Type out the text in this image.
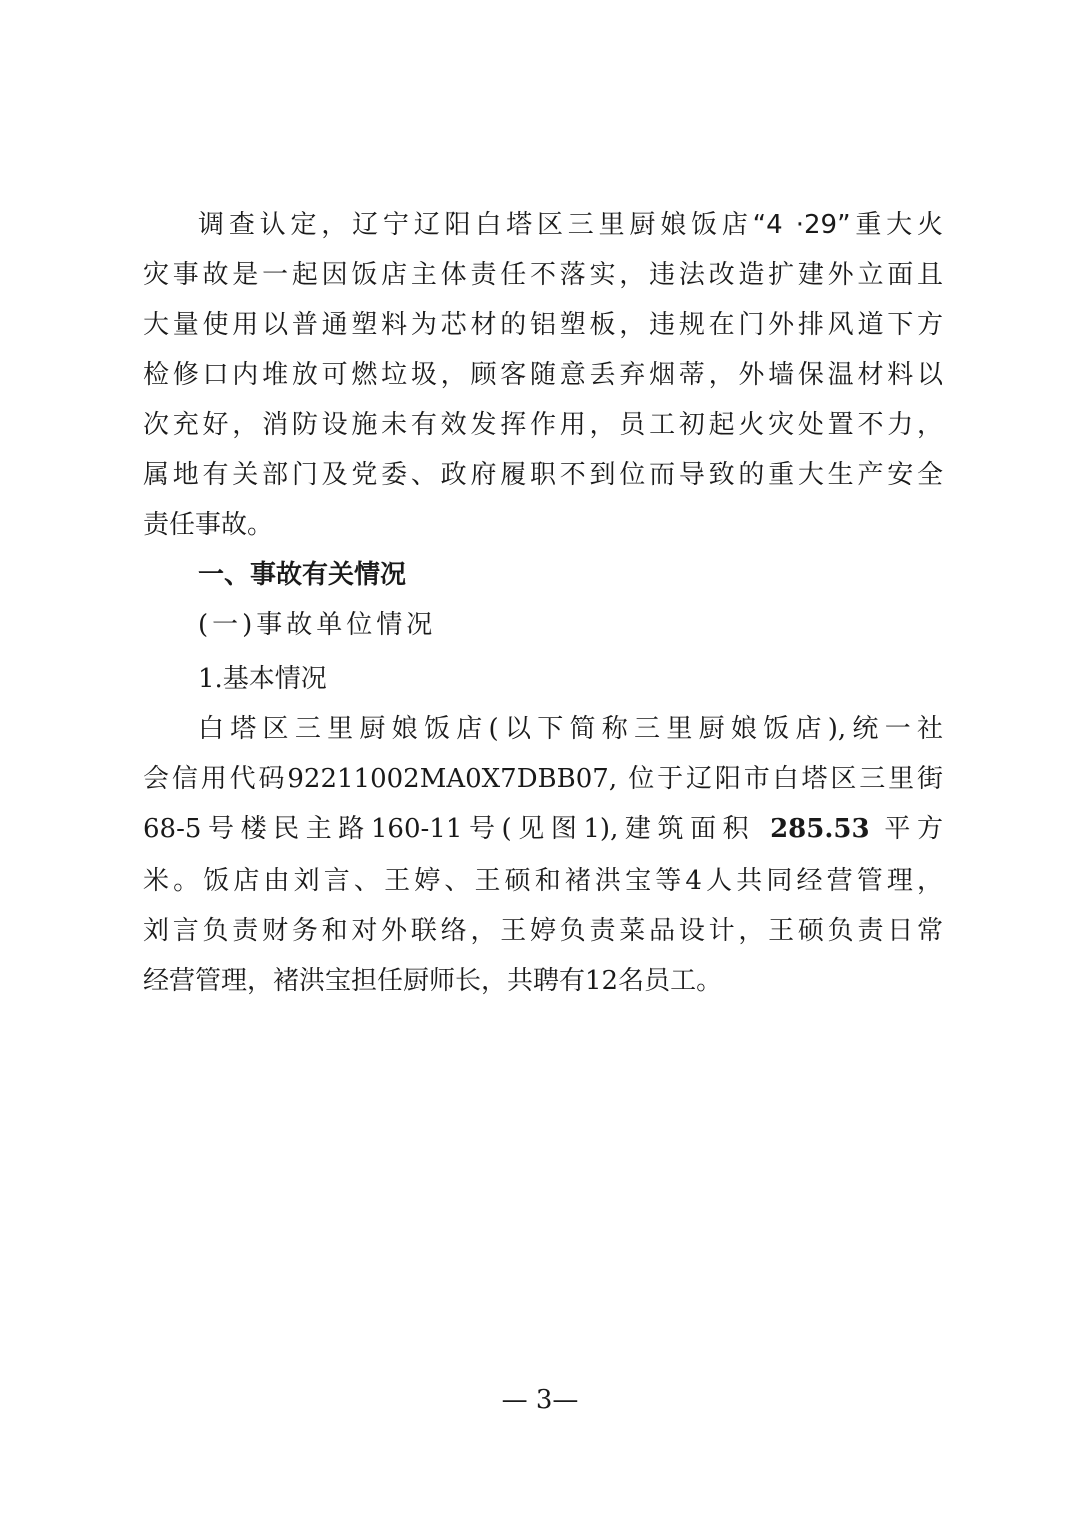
调查认定，辽宁辽阳白塔区三里厨娘饭店“4 ·29”重大火
灾事故是一起因饭店主体责任不落实，违法改造扩建外立面且
大量使用以普通塑料为芯材的铝塑板，违规在门外排风道下方
检修口内堆放可燃垃圾，顾客随意丢弃烟蒂，外墙保温材料以
次充好，消防设施未有效发挥作用，员工初起火灾处置不力，
属地有关部门及党委、政府履职不到位而导致的重大生产安全
责任事故。
一、事故有关情况
(一)事故单位情况
1.基本情况
白塔区三里厨娘饭店(以下简称三里厨娘饭店),统一社
会信用代码92211002MA0X7DBB07, 位于辽阳市白塔区三里街
68-5号楼民主路160-11号(见图1),建筑面积 285.53 平方
米。饭店由刘言、王婷、王硕和褚洪宝等4人共同经营管理，
刘言负责财务和对外联络，王婷负责菜品设计，王硕负责日常
经营管理，褚洪宝担任厨师长，共聘有12名员工。
— 3—
